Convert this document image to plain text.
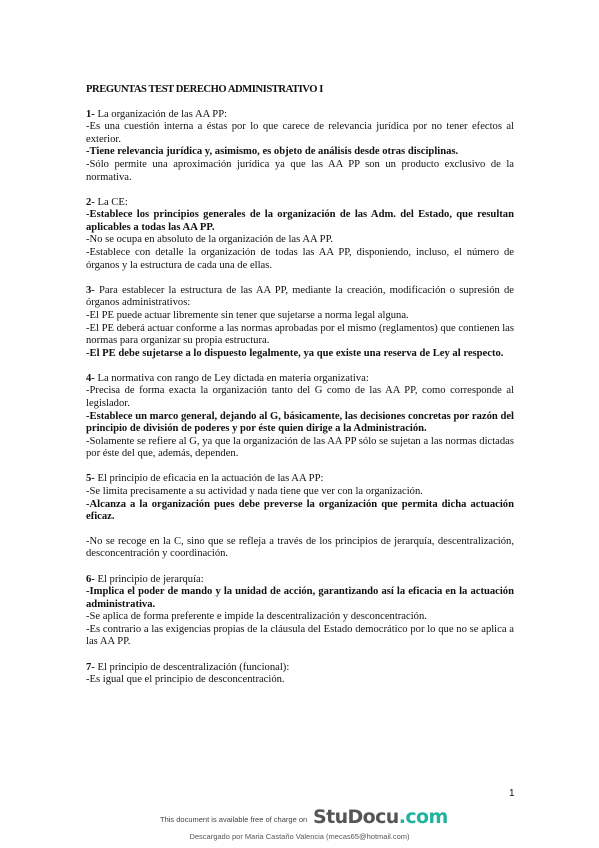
PREGUNTAS TEST DERECHO ADMINISTRATIVO I

1- La organización de las AA PP:

-Es una cuestión interna a éstas por lo que carece de relevancia jurídica por no tener efectos al exterior.

-Tiene relevancia jurídica y, asimismo, es objeto de análisis desde otras disciplinas.

-Sólo permite una aproximación jurídica ya que las AA PP son un producto exclusivo de la normativa.

2- La CE:

-Establece los principios generales de la organización de las Adm. del Estado, que resultan aplicables a todas las AA PP.

-No se ocupa en absoluto de la organización de las AA PP.

-Establece con detalle la organización de todas las AA PP, disponiendo, incluso, el número de órganos y la estructura de cada una de ellas.

3- Para establecer la estructura de las AA PP, mediante la creación, modificación o supresión de órganos administrativos:

-El PE puede actuar libremente sin tener que sujetarse a norma legal alguna.

-El PE deberá actuar conforme a las normas aprobadas por el mismo (reglamentos) que contienen las normas para organizar su propia estructura.

-El PE debe sujetarse a lo dispuesto legalmente, ya que existe una reserva de Ley al respecto.

4- La normativa con rango de Ley dictada en materia organizativa:

-Precisa de forma exacta la organización tanto del G como de las AA PP, como corresponde al legislador.

-Establece un marco general, dejando al G, básicamente, las decisiones concretas por razón del principio de división de poderes y por éste quien dirige a la Administración.

-Solamente se refiere al G, ya que la organización de las AA PP sólo se sujetan a las normas dictadas por éste del que, además, dependen.

5- El principio de eficacia en la actuación de las AA PP:

-Se limita precisamente a su actividad y nada tiene que ver con la organización.

-Alcanza a la organización pues debe preverse la organización que permita dicha actuación eficaz.

-No se recoge en la C, sino que se refleja a través de los principios de jerarquía, descentralización, desconcentración y coordinación.

6- El principio de jerarquía:

-Implica el poder de mando y la unidad de acción, garantizando así la eficacia en la actuación administrativa.

-Se aplica de forma preferente e impide la descentralización y desconcentración.

-Es contrario a las exigencias propias de la cláusula del Estado democrático por lo que no se aplica a las AA PP.

7- El principio de descentralización (funcional):

-Es igual que el principio de desconcentración.

1
This document is available free of charge on StuDocu.com
Descargado por Maria Castaño Valencia (mecas65@hotmail.com)
